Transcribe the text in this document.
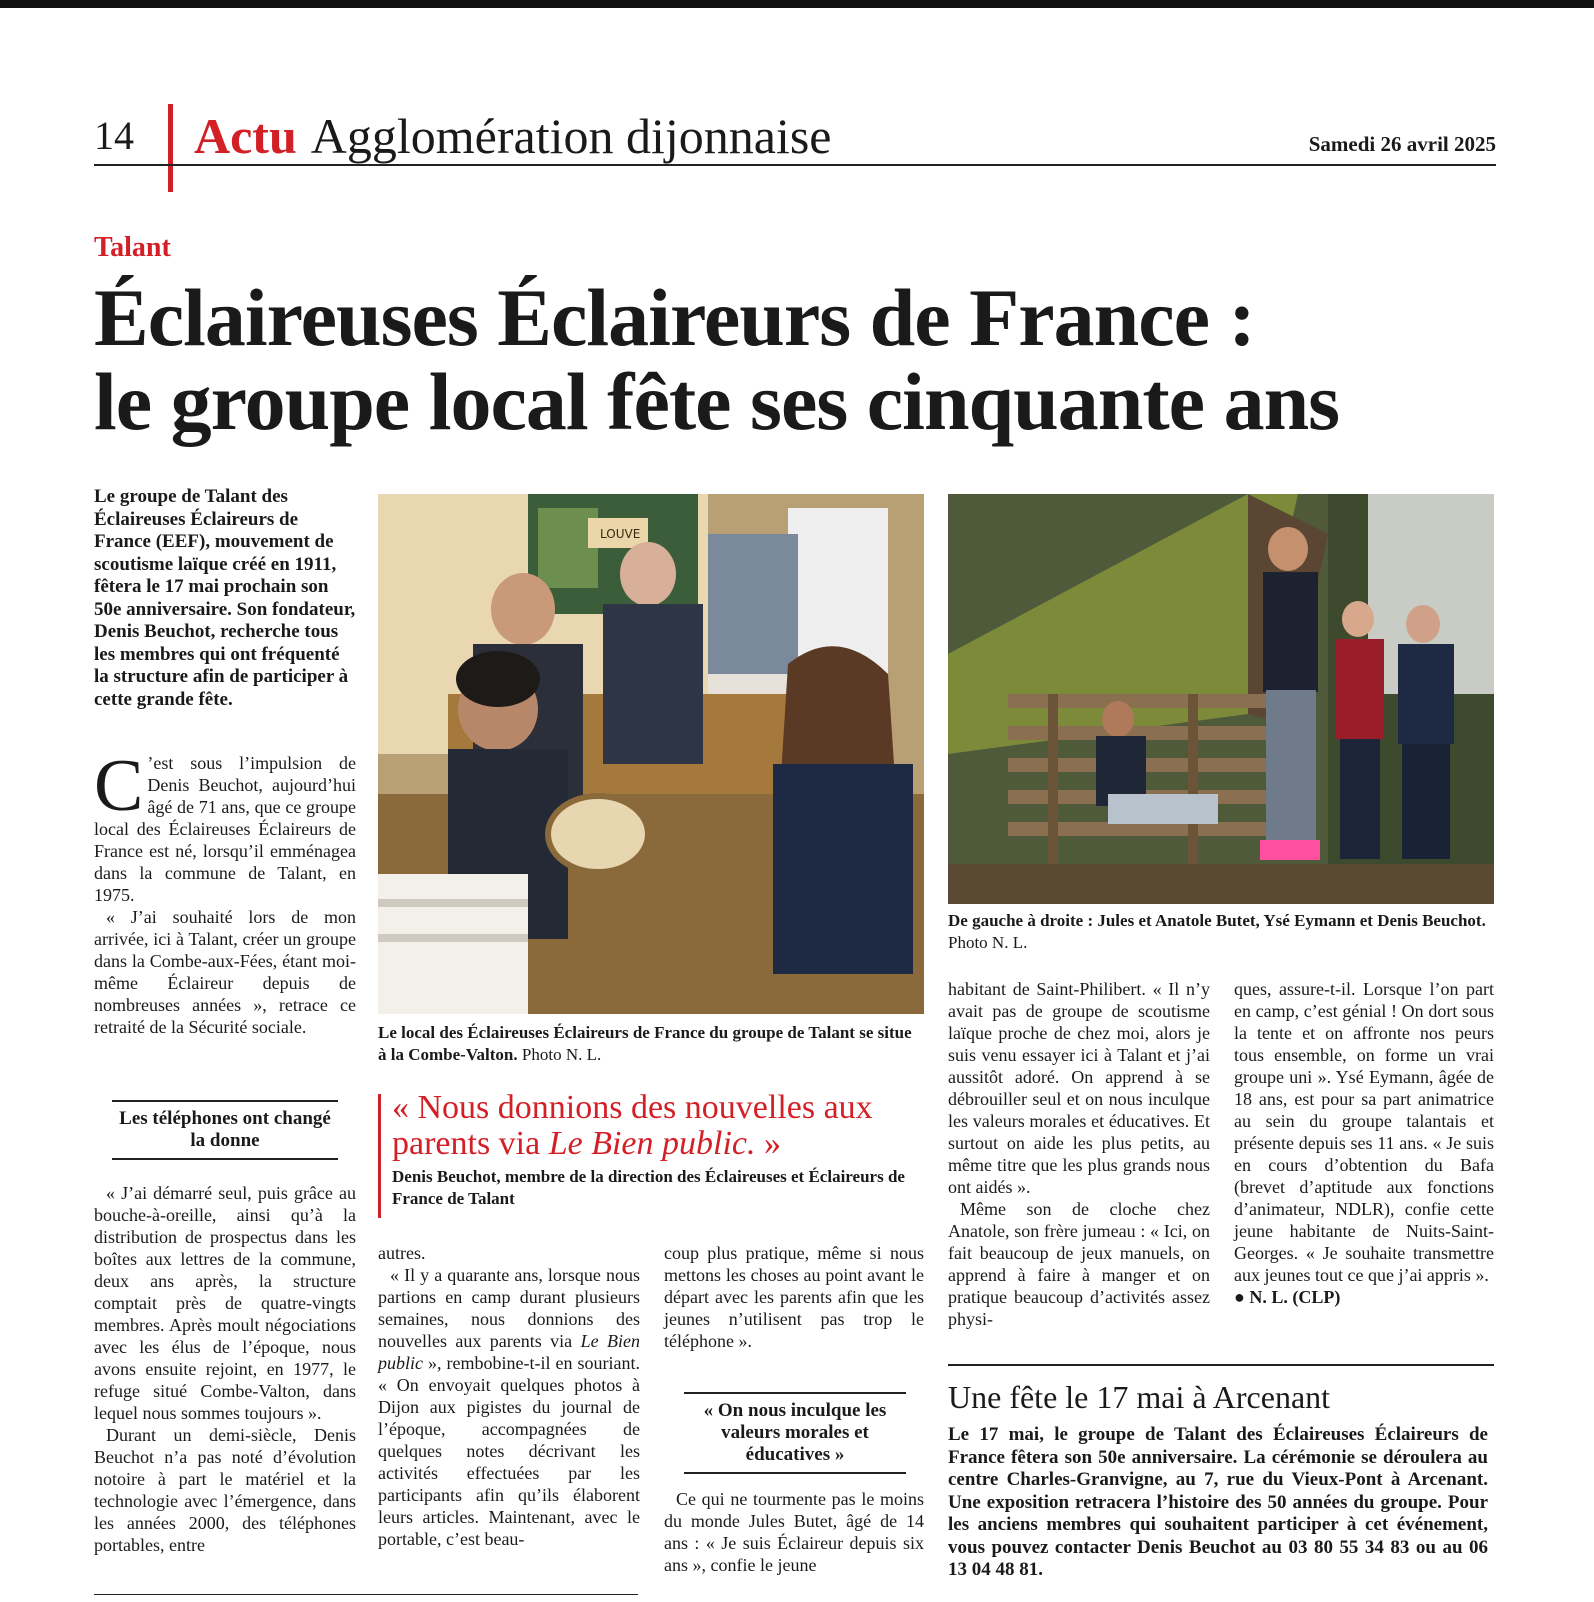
14 Actu Agglomération dijonnaise	Samedi 26 avril 2025
Talant
Éclaireuses Éclaireurs de France :
le groupe local fête ses cinquante ans
Le groupe de Talant des Éclaireuses Éclaireurs de France (EEF), mouvement de scoutisme laïque créé en 1911, fêtera le 17 mai prochain son 50e anniversaire. Son fondateur, Denis Beuchot, recherche tous les membres qui ont fréquenté la structure afin de participer à cette grande fête.

C ’est sous l’impulsion de Denis Beuchot, aujourd’hui âgé de 71 ans, que ce groupe local des Éclaireuses Éclaireurs de France est né, lorsqu’il emménagea dans la commune de Talant, en 1975.

« J’ai souhaité lors de mon arrivée, ici à Talant, créer un groupe dans la Combe-aux-Fées, étant moi-même Éclaireur depuis de nombreuses années », retrace ce retraité de la Sécurité sociale.

Les téléphones ont changé la donne

« J’ai démarré seul, puis grâce au bouche-à-oreille, ainsi qu’à la distribution de prospectus dans les boîtes aux lettres de la commune, deux ans après, la structure comptait près de quatre-vingts membres. Après moult négociations avec les élus de l’époque, nous avons ensuite rejoint, en 1977, le refuge situé Combe-Valton, dans lequel nous sommes toujours ».

Durant un demi-siècle, Denis Beuchot n’a pas noté d’évolution notoire à part le matériel et la technologie avec l’émergence, dans les années 2000, des téléphones portables, entre

LOUVE
Le local des Éclaireuses Éclaireurs de France du groupe de Talant se situe à la Combe-Valton. Photo N. L.
« Nous donnions des nouvelles aux parents via Le Bien public. »
Denis Beuchot, membre de la direction des Éclaireuses et Éclaireurs de France de Talant

autres.

« Il y a quarante ans, lorsque nous partions en camp durant plusieurs semaines, nous donnions des nouvelles aux parents via Le Bien public », rembobine-t-il en souriant. « On envoyait quelques photos à Dijon aux pigistes du journal de l’époque, accompagnées de quelques notes décrivant les activités effectuées par les participants afin qu’ils élaborent leurs articles. Maintenant, avec le portable, c’est beau-

coup plus pratique, même si nous mettons les choses au point avant le départ avec les parents afin que les jeunes n’utilisent pas trop le téléphone ».

« On nous inculque les valeurs morales et éducatives »

Ce qui ne tourmente pas le moins du monde Jules Butet, âgé de 14 ans : « Je suis Éclaireur depuis six ans », confie le jeune

De gauche à droite : Jules et Anatole Butet, Ysé Eymann et Denis Beuchot. Photo N. L.

habitant de Saint-Philibert. « Il n’y avait pas de groupe de scoutisme laïque proche de chez moi, alors je suis venu essayer ici à Talant et j’ai aussitôt adoré. On apprend à se débrouiller seul et on nous inculque les valeurs morales et éducatives. Et surtout on aide les plus petits, au même titre que les plus grands nous ont aidés ».

Même son de cloche chez Anatole, son frère jumeau : « Ici, on fait beaucoup de jeux manuels, on apprend à faire à manger et on pratique beaucoup d’activités assez physi-

ques, assure-t-il. Lorsque l’on part en camp, c’est génial ! On dort sous la tente et on affronte nos peurs tous ensemble, on forme un vrai groupe uni ». Ysé Eymann, âgée de 18 ans, est pour sa part animatrice au sein du groupe talantais et présente depuis ses 11 ans. « Je suis en cours d’obtention du Bafa (brevet d’aptitude aux fonctions d’animateur, NDLR), confie cette jeune habitante de Nuits-Saint-Georges. « Je souhaite transmettre aux jeunes tout ce que j’ai appris ».

● N. L. (CLP)

Une fête le 17 mai à Arcenant
Le 17 mai, le groupe de Talant des Éclaireuses Éclaireurs de France fêtera son 50e anniversaire. La cérémonie se déroulera au centre Charles-Granvigne, au 7, rue du Vieux-Pont à Arcenant. Une exposition retracera l’histoire des 50 années du groupe. Pour les anciens membres qui souhaitent participer à cet événement, vous pouvez contacter Denis Beuchot au 03 80 55 34 83 ou au 06 13 04 48 81.
